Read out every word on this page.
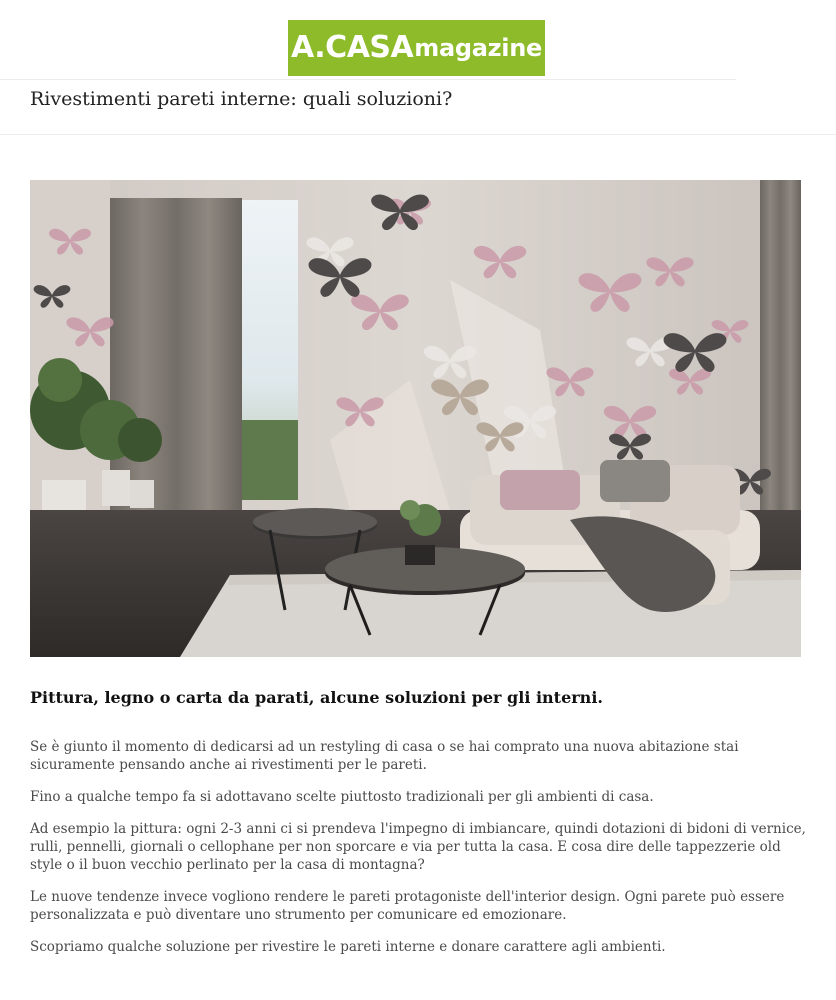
A.CASA magazine
Rivestimenti pareti interne: quali soluzioni?
Pittura, legno o carta da parati, alcune soluzioni per gli interni.

Se è giunto il momento di dedicarsi ad un restyling di casa o se hai comprato una nuova abitazione stai sicuramente pensando anche ai rivestimenti per le pareti.

Fino a qualche tempo fa si adottavano scelte piuttosto tradizionali per gli ambienti di casa.

Ad esempio la pittura: ogni 2-3 anni ci si prendeva l'impegno di imbiancare, quindi dotazioni di bidoni di vernice, rulli, pennelli, giornali o cellophane per non sporcare e via per tutta la casa. E cosa dire delle tappezzerie old style o il buon vecchio perlinato per la casa di montagna?

Le nuove tendenze invece vogliono rendere le pareti protagoniste dell'interior design. Ogni parete può essere personalizzata e può diventare uno strumento per comunicare ed emozionare.

Scopriamo qualche soluzione per rivestire le pareti interne e donare carattere agli ambienti.
